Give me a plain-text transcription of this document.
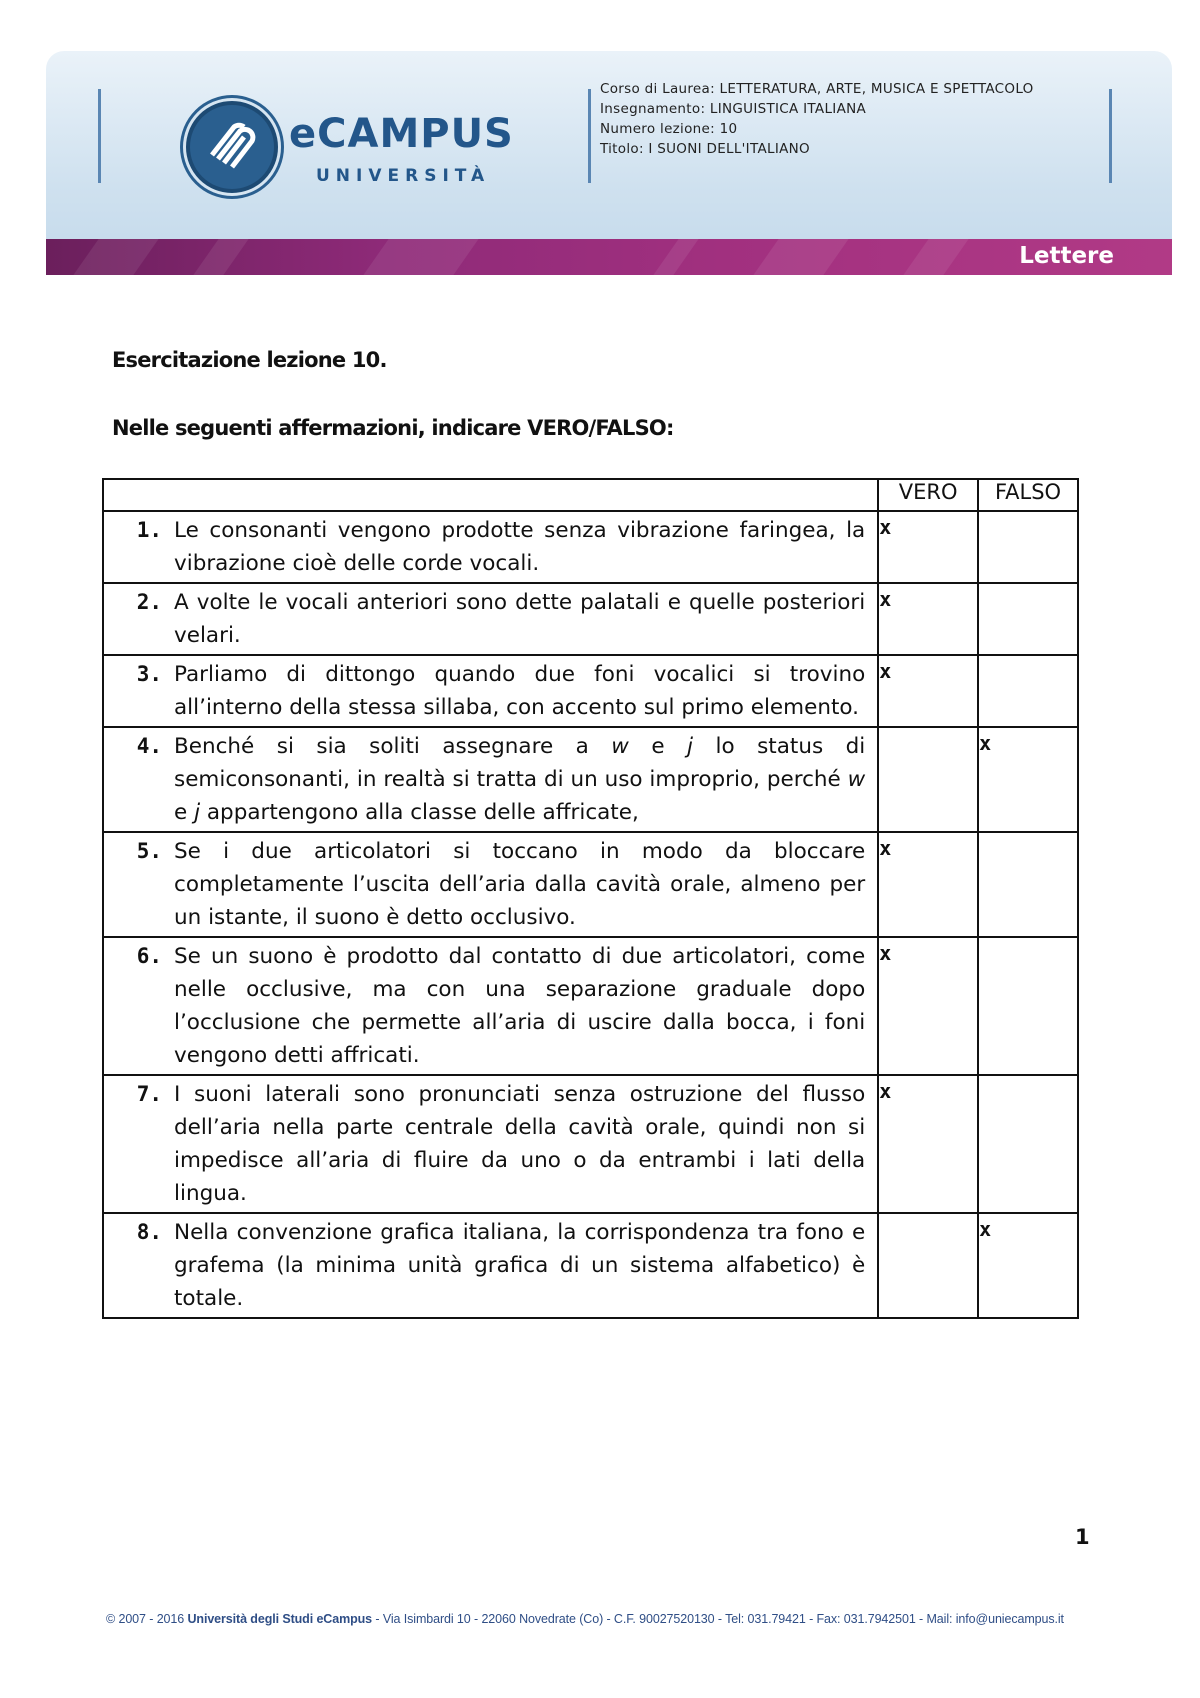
eCAMPUS
UNIVERSITÀ
Corso di Laurea: LETTERATURA, ARTE, MUSICA E SPETTACOLO
Insegnamento: LINGUISTICA ITALIANA
Numero lezione: 10
Titolo: I SUONI DELL'ITALIANO
Lettere
Esercitazione lezione 10.
Nelle seguenti affermazioni, indicare VERO/FALSO:
	VERO	FALSO

1. Le consonanti vengono prodotte senza vibrazione faringea, la vibrazione cioè delle corde vocali.	x	

2. A volte le vocali anteriori sono dette palatali e quelle posteriori velari.	x	

3. Parliamo di dittongo quando due foni vocalici si trovino all’interno della stessa sillaba, con accento sul primo elemento.	x	

4. Benché si sia soliti assegnare a w e j lo status di semiconsonanti, in realtà si tratta di un uso improprio, perché w e j appartengono alla classe delle affricate,		x

5. Se i due articolatori si toccano in modo da bloccare completamente l’uscita dell’aria dalla cavità orale, almeno per un istante, il suono è detto occlusivo.	x	

6. Se un suono è prodotto dal contatto di due articolatori, come nelle occlusive, ma con una separazione graduale dopo l’occlusione che permette all’aria di uscire dalla bocca, i foni vengono detti affricati.	x	

7. I suoni laterali sono pronunciati senza ostruzione del flusso dell’aria nella parte centrale della cavità orale, quindi non si impedisce all’aria di fluire da uno o da entrambi i lati della lingua.	x	

8. Nella convenzione grafica italiana, la corrispondenza tra fono e grafema (la minima unità grafica di un sistema alfabetico) è totale.		x
1
© 2007 - 2016 Università degli Studi eCampus - Via Isimbardi 10 - 22060 Novedrate (Co) - C.F. 90027520130 - Tel: 031.79421 - Fax: 031.7942501 - Mail: info@uniecampus.it
